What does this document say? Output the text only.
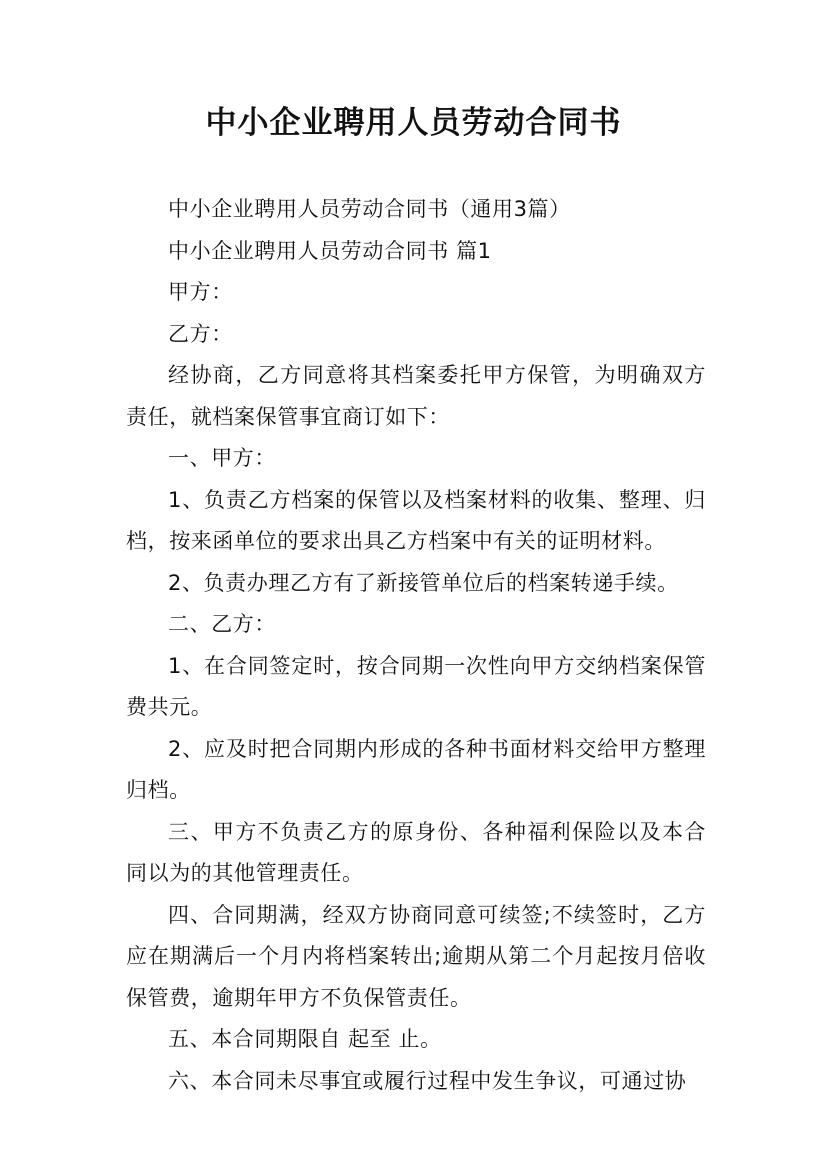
中小企业聘用人员劳动合同书

中小企业聘用人员劳动合同书（通用3篇）

中小企业聘用人员劳动合同书 篇1

甲方：

乙方：

经协商，乙方同意将其档案委托甲方保管，为明确双方责任，就档案保管事宜商订如下：

一、甲方：

1、负责乙方档案的保管以及档案材料的收集、整理、归档，按来函单位的要求出具乙方档案中有关的证明材料。

2、负责办理乙方有了新接管单位后的档案转递手续。

二、乙方：

1、在合同签定时，按合同期一次性向甲方交纳档案保管费共元。

2、应及时把合同期内形成的各种书面材料交给甲方整理归档。

三、甲方不负责乙方的原身份、各种福利保险以及本合同以为的其他管理责任。

四、合同期满，经双方协商同意可续签;不续签时，乙方应在期满后一个月内将档案转出;逾期从第二个月起按月倍收保管费，逾期年甲方不负保管责任。

五、本合同期限自 起至 止。

六、本合同未尽事宜或履行过程中发生争议，可通过协
